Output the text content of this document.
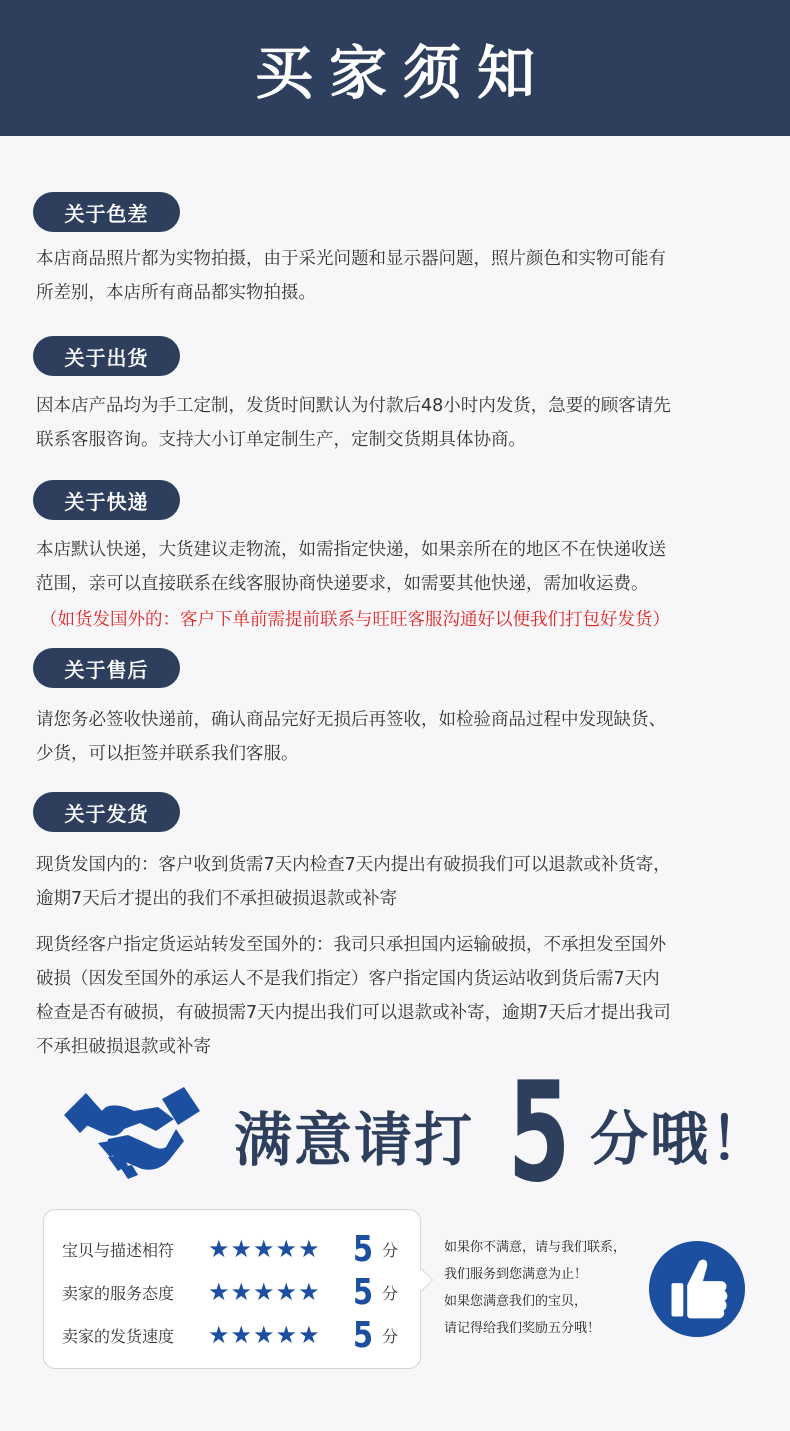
买家须知
关于色差
本店商品照片都为实物拍摄，由于采光问题和显示器问题，照片颜色和实物可能有
所差别，本店所有商品都实物拍摄。
关于出货
因本店产品均为手工定制，发货时间默认为付款后48小时内发货，急要的顾客请先
联系客服咨询。支持大小订单定制生产，定制交货期具体协商。
关于快递
本店默认快递，大货建议走物流，如需指定快递，如果亲所在的地区不在快递收送
范围，亲可以直接联系在线客服协商快递要求，如需要其他快递，需加收运费。
（如货发国外的：客户下单前需提前联系与旺旺客服沟通好以便我们打包好发货）
关于售后
请您务必签收快递前，确认商品完好无损后再签收，如检验商品过程中发现缺货、
少货，可以拒签并联系我们客服。
关于发货
现货发国内的：客户收到货需7天内检查7天内提出有破损我们可以退款或补货寄，
逾期7天后才提出的我们不承担破损退款或补寄
现货经客户指定货运站转发至国外的：我司只承担国内运输破损，不承担发至国外
破损（因发至国外的承运人不是我们指定）客户指定国内货运站收到货后需7天内
检查是否有破损，有破损需7天内提出我们可以退款或补寄，逾期7天后才提出我司
不承担破损退款或补寄
满意请打 5 分哦！
宝贝与描述相符	★★★★★ 5 分
卖家的服务态度	★★★★★ 5 分
卖家的发货速度	★★★★★ 5 分
如果你不满意，请与我们联系，
我们服务到您满意为止！
如果您满意我们的宝贝，
请记得给我们奖励五分哦！
